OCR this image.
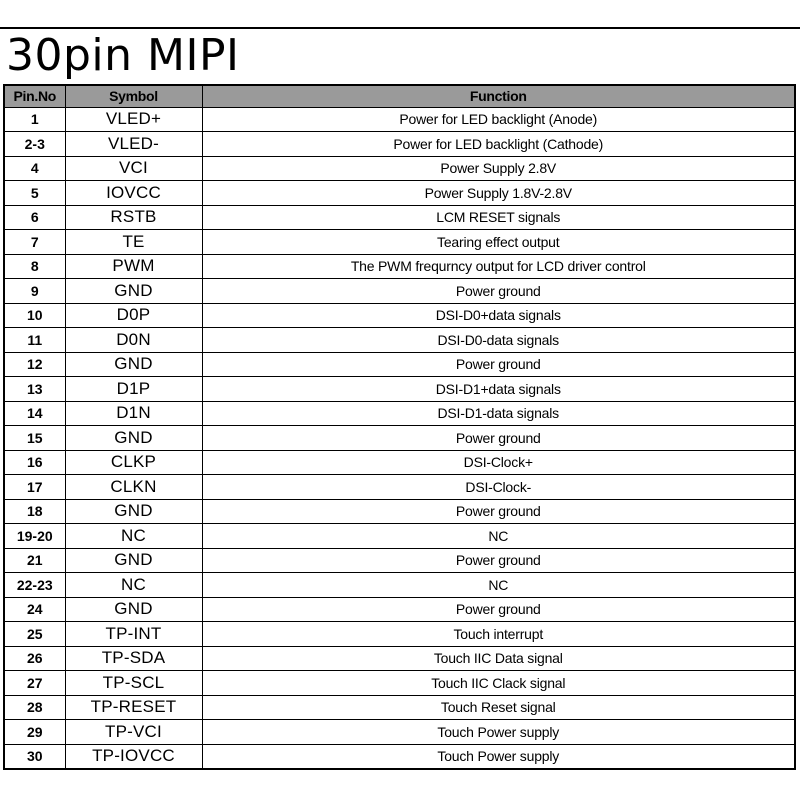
30pin MIPI
Pin.No	Symbol	Function
1	VLED+	Power for LED backlight (Anode)
2-3	VLED-	Power for LED backlight (Cathode)
4	VCI	Power Supply 2.8V
5	IOVCC	Power Supply 1.8V-2.8V
6	RSTB	LCM RESET signals
7	TE	Tearing effect output
8	PWM	The PWM frequrncy output for LCD driver control
9	GND	Power ground
10	D0P	DSI-D0+data signals
11	D0N	DSI-D0-data signals
12	GND	Power ground
13	D1P	DSI-D1+data signals
14	D1N	DSI-D1-data signals
15	GND	Power ground
16	CLKP	DSI-Clock+
17	CLKN	DSI-Clock-
18	GND	Power ground
19-20	NC	NC
21	GND	Power ground
22-23	NC	NC
24	GND	Power ground
25	TP-INT	Touch interrupt
26	TP-SDA	Touch IIC Data signal
27	TP-SCL	Touch IIC Clack signal
28	TP-RESET	Touch Reset signal
29	TP-VCI	Touch Power supply
30	TP-IOVCC	Touch Power supply
